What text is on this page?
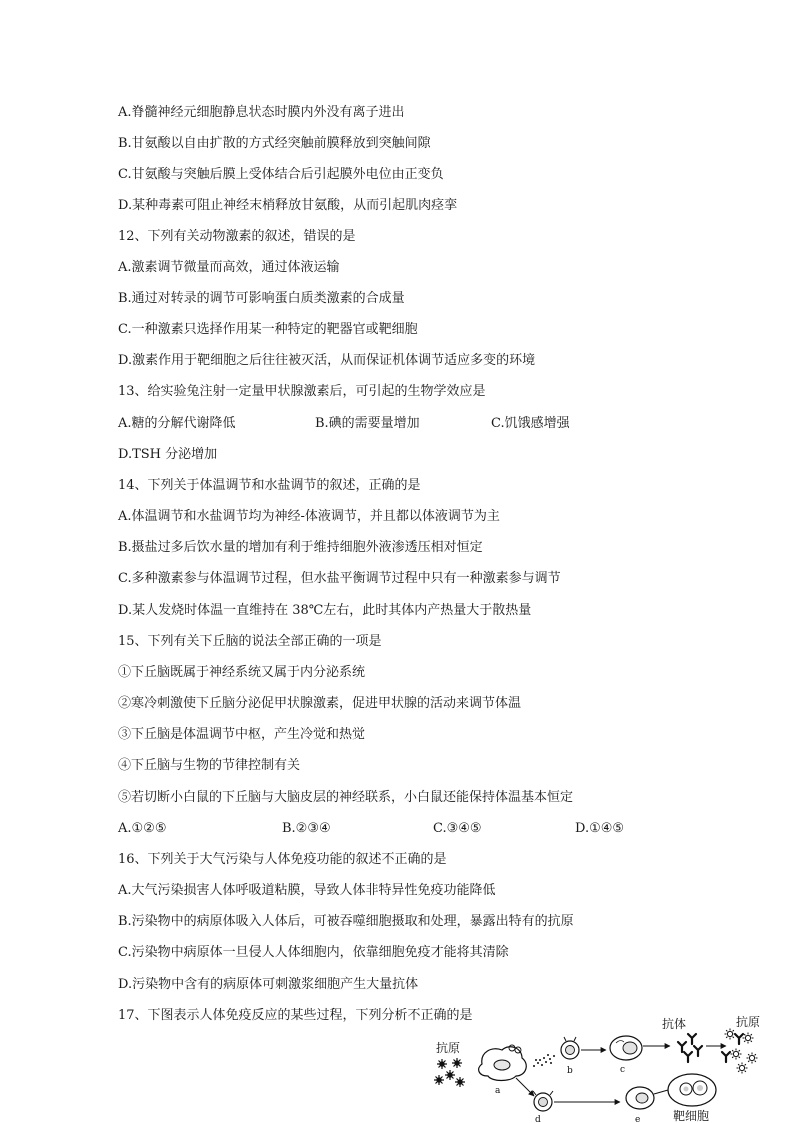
A.脊髓神经元细胞静息状态时膜内外没有离子进出
B.甘氨酸以自由扩散的方式经突触前膜释放到突触间隙
C.甘氨酸与突触后膜上受体结合后引起膜外电位由正变负
D.某种毒素可阻止神经末梢释放甘氨酸，从而引起肌肉痉挛
12、下列有关动物激素的叙述，错误的是
A.激素调节微量而高效，通过体液运输
B.通过对转录的调节可影响蛋白质类激素的合成量
C.一种激素只选择作用某一种特定的靶器官或靶细胞
D.激素作用于靶细胞之后往往被灭活，从而保证机体调节适应多变的环境
13、给实验兔注射一定量甲状腺激素后，可引起的生物学效应是
A.糖的分解代谢降低	B.碘的需要量增加	C.饥饿感增强
D.TSH 分泌增加
14、下列关于体温调节和水盐调节的叙述，正确的是
A.体温调节和水盐调节均为神经-体液调节，并且都以体液调节为主
B.摄盐过多后饮水量的增加有利于维持细胞外液渗透压相对恒定
C.多种激素参与体温调节过程，但水盐平衡调节过程中只有一种激素参与调节
D.某人发烧时体温一直维持在 38℃左右，此时其体内产热量大于散热量
15、下列有关下丘脑的说法全部正确的一项是
①下丘脑既属于神经系统又属于内分泌系统
②寒冷刺激使下丘脑分泌促甲状腺激素，促进甲状腺的活动来调节体温
③下丘脑是体温调节中枢，产生冷觉和热觉
④下丘脑与生物的节律控制有关
⑤若切断小白鼠的下丘脑与大脑皮层的神经联系，小白鼠还能保持体温基本恒定
A.①②⑤	B.②③④	C.③④⑤	D.①④⑤
16、下列关于大气污染与人体免疫功能的叙述不正确的是
A.大气污染损害人体呼吸道粘膜，导致人体非特异性免疫功能降低
B.污染物中的病原体吸入人体后，可被吞噬细胞摄取和处理，暴露出特有的抗原
C.污染物中病原体一旦侵人人体细胞内，依靠细胞免疫才能将其清除
D.污染物中含有的病原体可刺激浆细胞产生大量抗体
17、下图表示人体免疫反应的某些过程，下列分析不正确的是
抗原
a
b	c
抗体	抗原
d	e	靶细胞
